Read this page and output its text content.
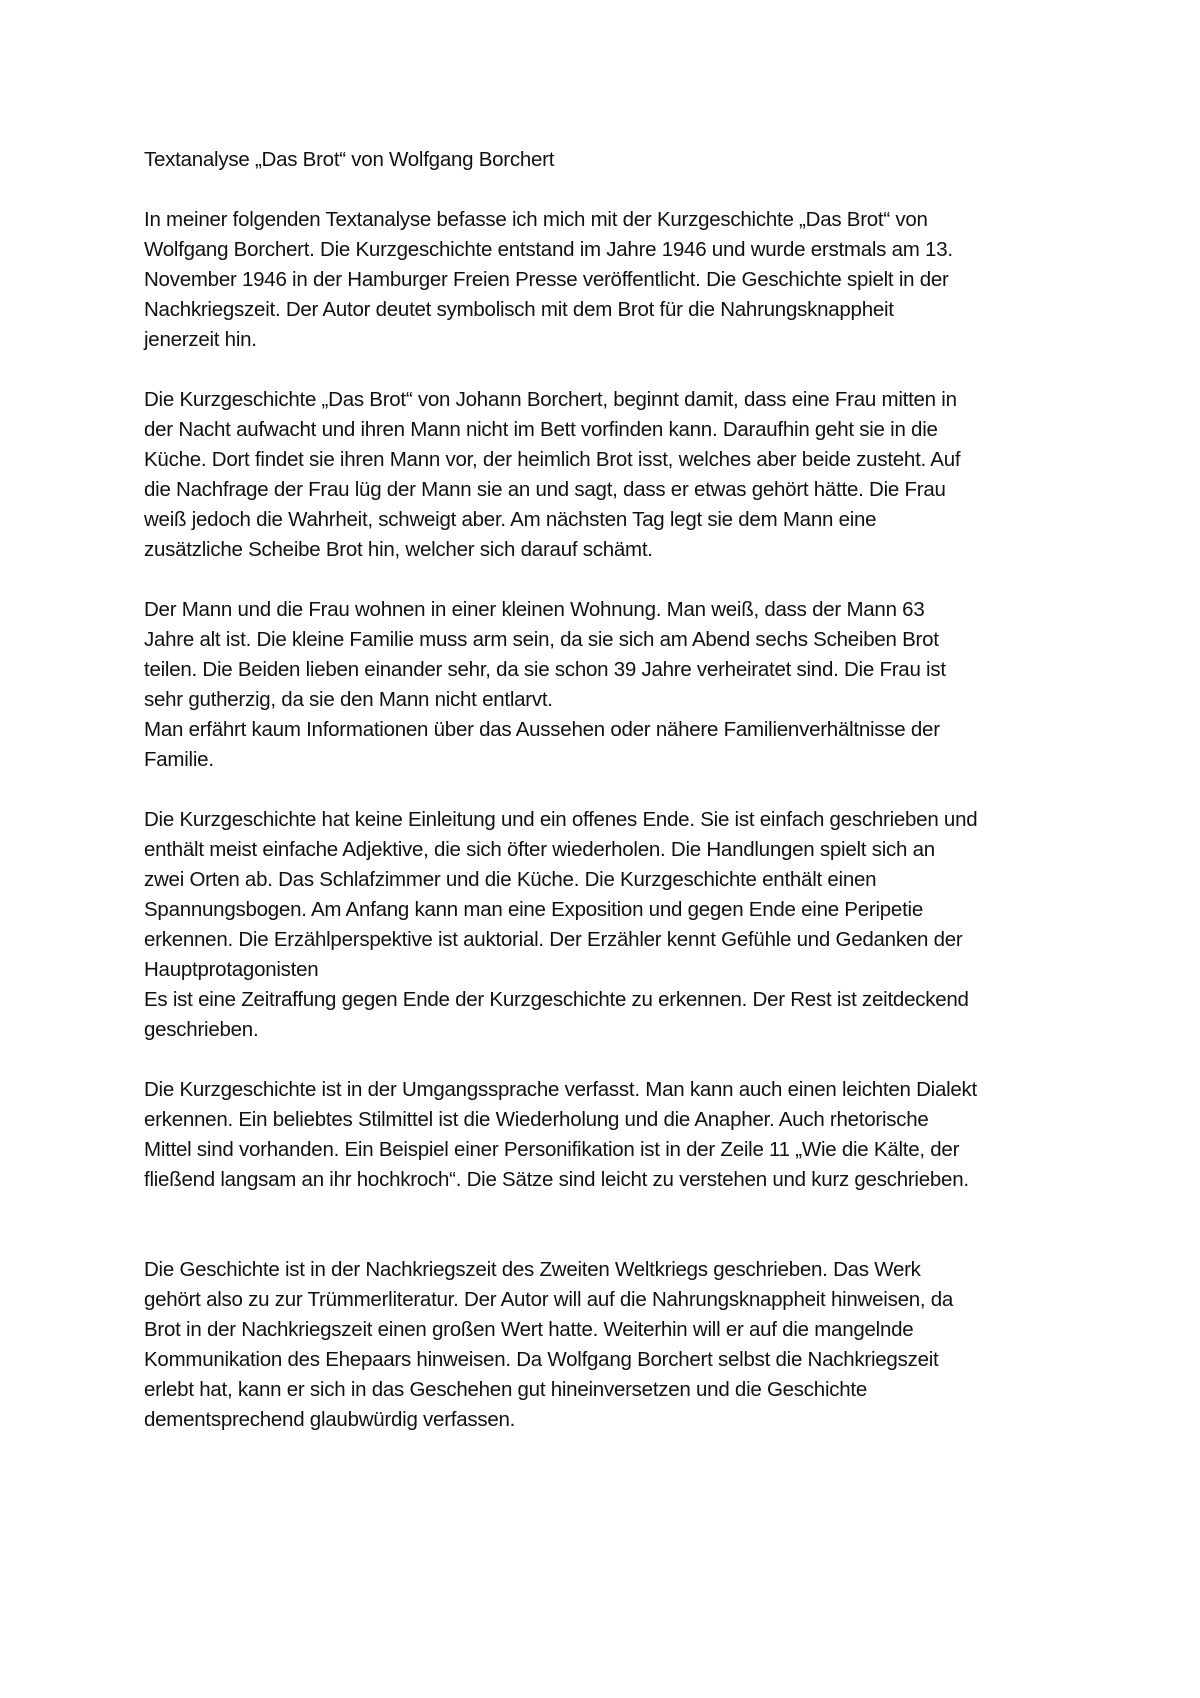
Textanalyse „Das Brot“ von Wolfgang Borchert
In meiner folgenden Textanalyse befasse ich mich mit der Kurzgeschichte „Das Brot“ von
Wolfgang Borchert. Die Kurzgeschichte entstand im Jahre 1946 und wurde erstmals am 13.
November 1946 in der Hamburger Freien Presse veröffentlicht. Die Geschichte spielt in der
Nachkriegszeit. Der Autor deutet symbolisch mit dem Brot für die Nahrungsknappheit
jenerzeit hin.
Die Kurzgeschichte „Das Brot“ von Johann Borchert, beginnt damit, dass eine Frau mitten in
der Nacht aufwacht und ihren Mann nicht im Bett vorfinden kann. Daraufhin geht sie in die
Küche. Dort findet sie ihren Mann vor, der heimlich Brot isst, welches aber beide zusteht. Auf
die Nachfrage der Frau lüg der Mann sie an und sagt, dass er etwas gehört hätte. Die Frau
weiß jedoch die Wahrheit, schweigt aber. Am nächsten Tag legt sie dem Mann eine
zusätzliche Scheibe Brot hin, welcher sich darauf schämt.
Der Mann und die Frau wohnen in einer kleinen Wohnung. Man weiß, dass der Mann 63
Jahre alt ist. Die kleine Familie muss arm sein, da sie sich am Abend sechs Scheiben Brot
teilen. Die Beiden lieben einander sehr, da sie schon 39 Jahre verheiratet sind. Die Frau ist
sehr gutherzig, da sie den Mann nicht entlarvt.
Man erfährt kaum Informationen über das Aussehen oder nähere Familienverhältnisse der
Familie.
Die Kurzgeschichte hat keine Einleitung und ein offenes Ende. Sie ist einfach geschrieben und
enthält meist einfache Adjektive, die sich öfter wiederholen. Die Handlungen spielt sich an
zwei Orten ab. Das Schlafzimmer und die Küche. Die Kurzgeschichte enthält einen
Spannungsbogen. Am Anfang kann man eine Exposition und gegen Ende eine Peripetie
erkennen. Die Erzählperspektive ist auktorial. Der Erzähler kennt Gefühle und Gedanken der
Hauptprotagonisten
Es ist eine Zeitraffung gegen Ende der Kurzgeschichte zu erkennen. Der Rest ist zeitdeckend
geschrieben.
Die Kurzgeschichte ist in der Umgangssprache verfasst. Man kann auch einen leichten Dialekt
erkennen. Ein beliebtes Stilmittel ist die Wiederholung und die Anapher. Auch rhetorische
Mittel sind vorhanden. Ein Beispiel einer Personifikation ist in der Zeile 11 „Wie die Kälte, der
fließend langsam an ihr hochkroch“. Die Sätze sind leicht zu verstehen und kurz geschrieben.
Die Geschichte ist in der Nachkriegszeit des Zweiten Weltkriegs geschrieben. Das Werk
gehört also zu zur Trümmerliteratur. Der Autor will auf die Nahrungsknappheit hinweisen, da
Brot in der Nachkriegszeit einen großen Wert hatte. Weiterhin will er auf die mangelnde
Kommunikation des Ehepaars hinweisen. Da Wolfgang Borchert selbst die Nachkriegszeit
erlebt hat, kann er sich in das Geschehen gut hineinversetzen und die Geschichte
dementsprechend glaubwürdig verfassen.
